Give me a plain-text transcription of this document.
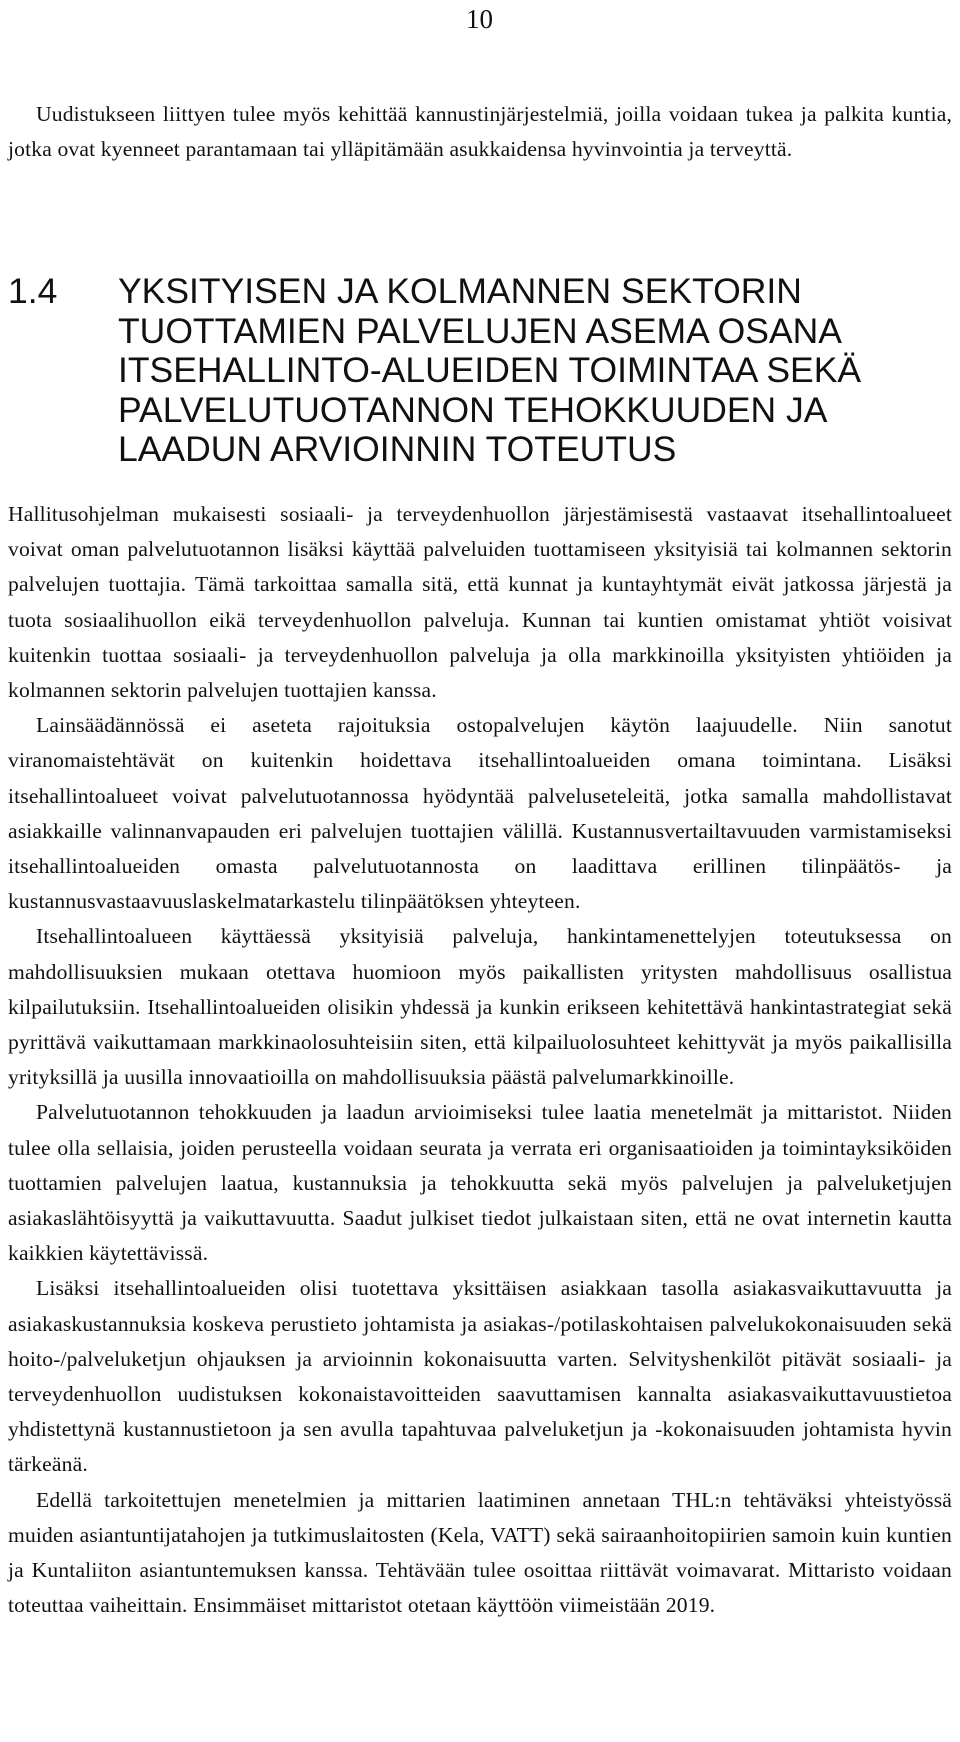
10

Uudistukseen liittyen tulee myös kehittää kannustinjärjestelmiä, joilla voidaan tukea ja palkita kuntia, jotka ovat kyenneet parantamaan tai ylläpitämään asukkaidensa hyvinvointia ja terveyttä.

1.4 YKSITYISEN JA KOLMANNEN SEKTORIN TUOTTAMIEN PALVELUJEN ASEMA OSANA ITSEHALLINTO-ALUEIDEN TOIMINTAA SEKÄ PALVELUTUOTANNON TEHOKKUUDEN JA LAADUN ARVIOINNIN TOTEUTUS

Hallitusohjelman mukaisesti sosiaali- ja terveydenhuollon järjestämisestä vastaavat itsehallintoalueet voivat oman palvelutuotannon lisäksi käyttää palveluiden tuottamiseen yksityisiä tai kolmannen sektorin palvelujen tuottajia. Tämä tarkoittaa samalla sitä, että kunnat ja kuntayhtymät eivät jatkossa järjestä ja tuota sosiaalihuollon eikä terveydenhuollon palveluja. Kunnan tai kuntien omistamat yhtiöt voisivat kuitenkin tuottaa sosiaali- ja terveydenhuollon palveluja ja olla markkinoilla yksityisten yhtiöiden ja kolmannen sektorin palvelujen tuottajien kanssa.

Lainsäädännössä ei aseteta rajoituksia ostopalvelujen käytön laajuudelle. Niin sanotut viranomaistehtävät on kuitenkin hoidettava itsehallintoalueiden omana toimintana. Lisäksi itsehallintoalueet voivat palvelutuotannossa hyödyntää palveluseteleitä, jotka samalla mahdollistavat asiakkaille valinnanvapauden eri palvelujen tuottajien välillä. Kustannusvertailtavuuden varmistamiseksi itsehallintoalueiden omasta palvelutuotannosta on laadittava erillinen tilinpäätös- ja kustannusvastaavuuslaskelmatarkastelu tilinpäätöksen yhteyteen.

Itsehallintoalueen käyttäessä yksityisiä palveluja, hankintamenettelyjen toteutuksessa on mahdollisuuksien mukaan otettava huomioon myös paikallisten yritysten mahdollisuus osallistua kilpailutuksiin. Itsehallintoalueiden olisikin yhdessä ja kunkin erikseen kehitettävä hankintastrategiat sekä pyrittävä vaikuttamaan markkinaolosuhteisiin siten, että kilpailuolosuhteet kehittyvät ja myös paikallisilla yrityksillä ja uusilla innovaatioilla on mahdollisuuksia päästä palvelumarkkinoille.

Palvelutuotannon tehokkuuden ja laadun arvioimiseksi tulee laatia menetelmät ja mittaristot. Niiden tulee olla sellaisia, joiden perusteella voidaan seurata ja verrata eri organisaatioiden ja toimintayksiköiden tuottamien palvelujen laatua, kustannuksia ja tehokkuutta sekä myös palvelujen ja palveluketjujen asiakaslähtöisyyttä ja vaikuttavuutta. Saadut julkiset tiedot julkaistaan siten, että ne ovat internetin kautta kaikkien käytettävissä.

Lisäksi itsehallintoalueiden olisi tuotettava yksittäisen asiakkaan tasolla asiakasvaikuttavuutta ja asiakaskustannuksia koskeva perustieto johtamista ja asiakas-/potilaskohtaisen palvelukokonaisuuden sekä hoito-/palveluketjun ohjauksen ja arvioinnin kokonaisuutta varten. Selvityshenkilöt pitävät sosiaali- ja terveydenhuollon uudistuksen kokonaistavoitteiden saavuttamisen kannalta asiakasvaikuttavuustietoa yhdistettynä kustannustietoon ja sen avulla tapahtuvaa palveluketjun ja -kokonaisuuden johtamista hyvin tärkeänä.

Edellä tarkoitettujen menetelmien ja mittarien laatiminen annetaan THL:n tehtäväksi yhteistyössä muiden asiantuntijatahojen ja tutkimuslaitosten (Kela, VATT) sekä sairaanhoitopiirien samoin kuin kuntien ja Kuntaliiton asiantuntemuksen kanssa. Tehtävään tulee osoittaa riittävät voimavarat. Mittaristo voidaan toteuttaa vaiheittain. Ensimmäiset mittaristot otetaan käyttöön viimeistään 2019.
